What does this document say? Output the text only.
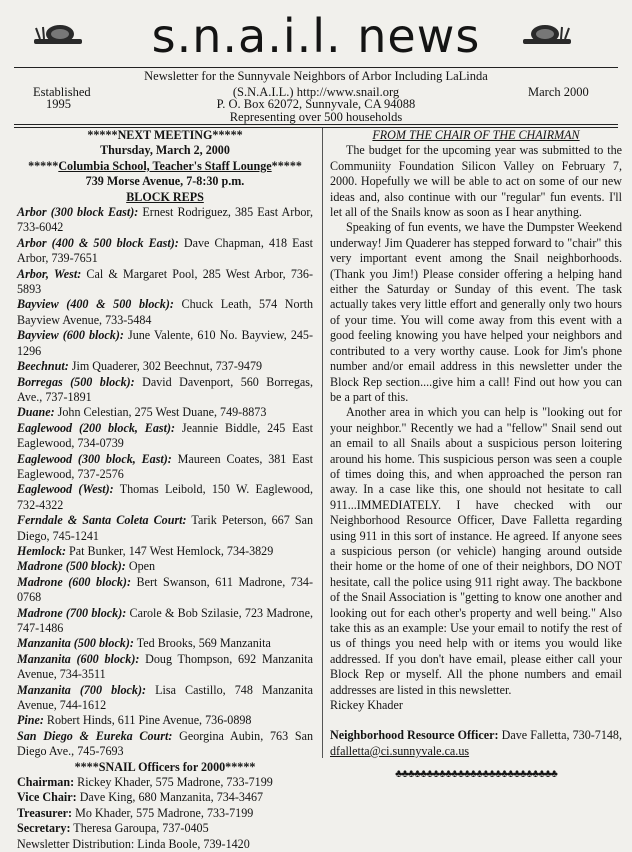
s.n.a.i.l. news
Newsletter for the Sunnyvale Neighbors of Arbor Including LaLinda
(S.N.A.I.L.) http://www.snail.org
P. O. Box 62072, Sunnyvale, CA 94088
Representing over 500 households
Established
1995
March 2000
*****NEXT MEETING*****
Thursday, March 2, 2000
*****Columbia School, Teacher's Staff Lounge*****
739 Morse Avenue, 7-8:30 p.m.
BLOCK REPS

Arbor (300 block East): Ernest Rodriguez, 385 East Arbor, 733-6042

Arbor (400 & 500 block East): Dave Chapman, 418 East Arbor, 739-7651

Arbor, West: Cal & Margaret Pool, 285 West Arbor, 736-5893

Bayview (400 & 500 block): Chuck Leath, 574 North Bayview Avenue, 733-5484

Bayview (600 block): June Valente, 610 No. Bayview, 245-1296

Beechnut: Jim Quaderer, 302 Beechnut, 737-9479

Borregas (500 block): David Davenport, 560 Borregas, Ave., 737-1891

Duane: John Celestian, 275 West Duane, 749-8873

Eaglewood (200 block, East): Jeannie Biddle, 245 East Eaglewood, 734-0739

Eaglewood (300 block, East): Maureen Coates, 381 East Eaglewood, 737-2576

Eaglewood (West): Thomas Leibold, 150 W. Eaglewood, 732-4322

Ferndale & Santa Coleta Court: Tarik Peterson, 667 San Diego, 745-1241

Hemlock: Pat Bunker, 147 West Hemlock, 734-3829

Madrone (500 block): Open

Madrone (600 block): Bert Swanson, 611 Madrone, 734-0768

Madrone (700 block): Carole & Bob Szilasie, 723 Madrone, 747-1486

Manzanita (500 block): Ted Brooks, 569 Manzanita

Manzanita (600 block): Doug Thompson, 692 Manzanita Avenue, 734-3511

Manzanita (700 block): Lisa Castillo, 748 Manzanita Avenue, 744-1612

Pine: Robert Hinds, 611 Pine Avenue, 736-0898

San Diego & Eureka Court: Georgina Aubin, 763 San Diego Ave., 745-7693

****SNAIL Officers for 2000*****

Chairman: Rickey Khader, 575 Madrone, 733-7199

Vice Chair: Dave King, 680 Manzanita, 734-3467

Treasurer: Mo Khader, 575 Madrone, 733-7199

Secretary: Theresa Garoupa, 737-0405

Newsletter Distribution: Linda Boole, 739-1420
FROM THE CHAIR OF THE CHAIRMAN

The budget for the upcoming year was submitted to the Communiity Foundation Silicon Valley on February 7, 2000. Hopefully we will be able to act on some of our new ideas and, also continue with our "regular" fun events. I'll let all of the Snails know as soon as I hear anything.

Speaking of fun events, we have the Dumpster Weekend underway! Jim Quaderer has stepped forward to "chair" this very important event among the Snail neighborhoods. (Thank you Jim!) Please consider offering a helping hand either the Saturday or Sunday of this event. The task actually takes very little effort and generally only two hours of your time. You will come away from this event with a good feeling knowing you have helped your neighbors and contributed to a very worthy cause. Look for Jim's phone number and/or email address in this newsletter under the Block Rep section....give him a call! Find out how you can be a part of this.

Another area in which you can help is "looking out for your neighbor." Recently we had a "fellow" Snail send out an email to all Snails about a suspicious person loitering around his home. This suspicious person was seen a couple of times doing this, and when approached the person ran away. In a case like this, one should not hesitate to call 911...IMMEDIATELY. I have checked with our Neighborhood Resource Officer, Dave Falletta regarding using 911 in this sort of instance. He agreed. If anyone sees a suspicious person (or vehicle) hanging around outside their home or the home of one of their neighbors, DO NOT hesitate, call the police using 911 right away. The backbone of the Snail Association is "getting to know one another and looking out for each other's property and well being." Also take this as an example: Use your email to notify the rest of us of things you need help with or items you would like addressed. If you don't have email, please either call your Block Rep or myself. All the phone numbers and email addresses are listed in this newsletter.

Rickey Khader

Neighborhood Resource Officer: Dave Falletta, 730-7148, dfalletta@ci.sunnyvale.ca.us

♣♣♣♣♣♣♣♣♣♣♣♣♣♣♣♣♣♣♣♣♣♣♣♣♣♣
